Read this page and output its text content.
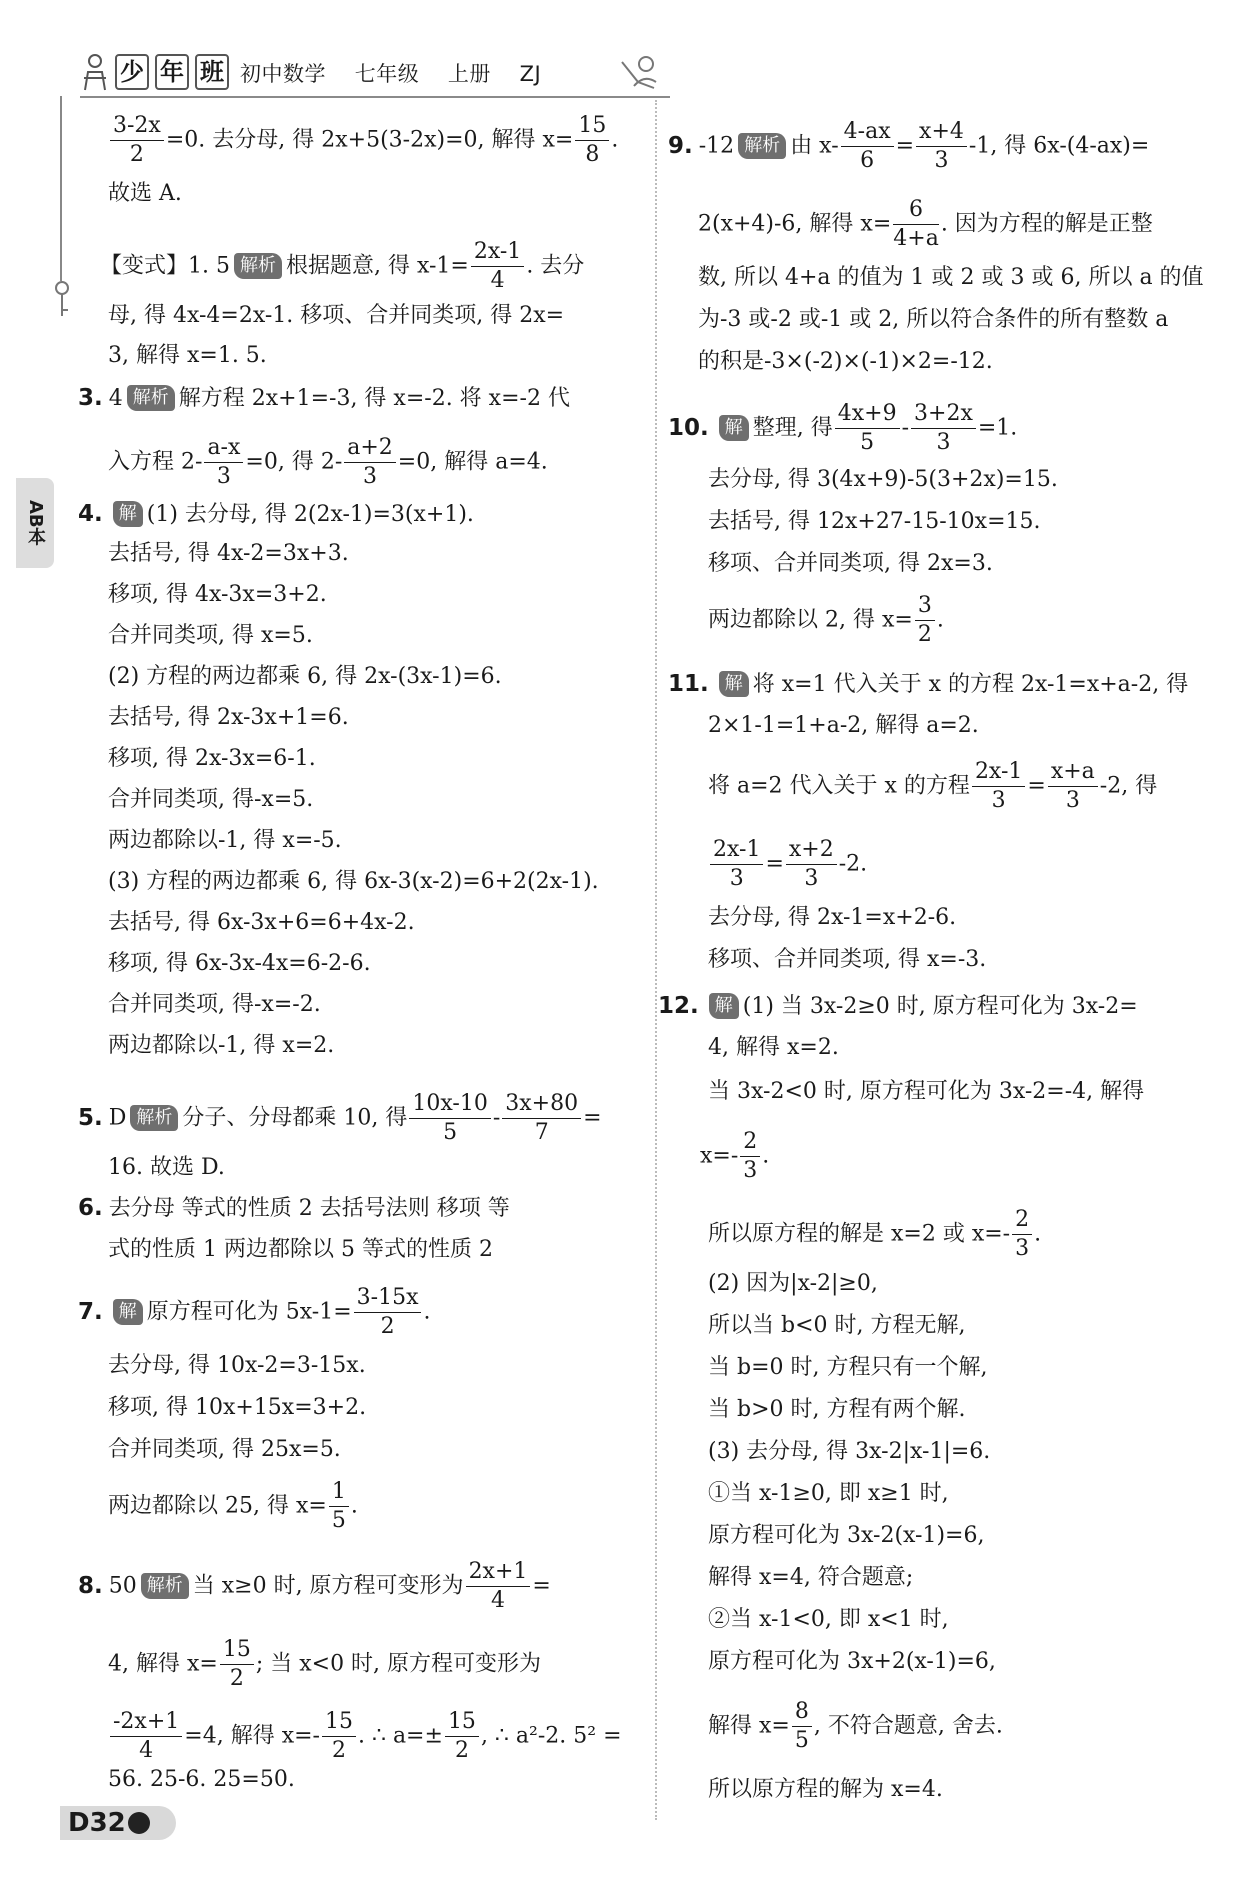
少 年 班 初中数学 七年级 上册 ZJ
AB本
$\frac{3-2x}{2} =0$. 去分母, 得 2x+5(3-2x)=0, 解得 $x= \frac{15}{8}$ .
故选 A.
【变式】1. 5 解析 根据题意, 得 $x-1= \frac{2x-1}{4}$ . 去分
母, 得 4x-4=2x-1. 移项、合并同类项, 得 2x=
3, 解得 x=1. 5.
3. 4 解析 解方程 2x+1=-3, 得 x=-2. 将 x=-2 代
入方程 $2- \frac{a-x}{3} =0$, 得 $2- \frac{a+2}{3} =0$, 解得 a=4.
4. 解 (1) 去分母, 得 2(2x-1)=3(x+1).
去括号, 得 4x-2=3x+3.
移项, 得 4x-3x=3+2.
合并同类项, 得 x=5.
(2) 方程的两边都乘 6, 得 2x-(3x-1)=6.
去括号, 得 2x-3x+1=6.
移项, 得 2x-3x=6-1.
合并同类项, 得-x=5.
两边都除以-1, 得 x=-5.
(3) 方程的两边都乘 6, 得 6x-3(x-2)=6+2(2x-1).
去括号, 得 6x-3x+6=6+4x-2.
移项, 得 6x-3x-4x=6-2-6.
合并同类项, 得-x=-2.
两边都除以-1, 得 x=2.
5. D 解析 分子、分母都乘 10, 得 $\frac{10x-10}{5} - \frac{3x+80}{7}$ =
16. 故选 D.
6. 去分母 等式的性质 2 去括号法则 移项 等
式的性质 1 两边都除以 5 等式的性质 2
7. 解 原方程可化为 $5x-1= \frac{3-15x}{2}$ .
去分母, 得 10x-2=3-15x.
移项, 得 10x+15x=3+2.
合并同类项, 得 25x=5.
两边都除以 25, 得 $x= \frac{1}{5}$ .
8. 50 解析 当 x≥0 时, 原方程可变形为 $\frac{2x+1}{4}$ =
4, 解得 $x= \frac{15}{2}$ ; 当 x<0 时, 原方程可变形为
$\frac{-2x+1}{4} =4$, 解得 $x=- \frac{15}{2}$ . ∴ $a=\pm \frac{15}{2}$ , ∴ a²-2. 5² =
56. 25-6. 25=50.
9. -12 解析 由 $x- \frac{4-ax}{6} = \frac{x+4}{3} -1$, 得 6x-(4-ax)=
2(x+4)-6, 解得 $x= \frac{6}{4+a}$ . 因为方程的解是正整
数, 所以 4+a 的值为 1 或 2 或 3 或 6, 所以 a 的值
为-3 或-2 或-1 或 2, 所以符合条件的所有整数 a
的积是-3×(-2)×(-1)×2=-12.
10. 解 整理, 得 $\frac{4x+9}{5} - \frac{3+2x}{3} =1$.
去分母, 得 3(4x+9)-5(3+2x)=15.
去括号, 得 12x+27-15-10x=15.
移项、合并同类项, 得 2x=3.
两边都除以 2, 得 $x= \frac{3}{2}$ .
11. 解 将 x=1 代入关于 x 的方程 2x-1=x+a-2, 得
2×1-1=1+a-2, 解得 a=2.
将 a=2 代入关于 x 的方程 $\frac{2x-1}{3} = \frac{x+a}{3} -2$, 得
$\frac{2x-1}{3} = \frac{x+2}{3} -2$.
去分母, 得 2x-1=x+2-6.
移项、合并同类项, 得 x=-3.
12. 解 (1) 当 3x-2≥0 时, 原方程可化为 3x-2=
4, 解得 x=2.
当 3x-2<0 时, 原方程可化为 3x-2=-4, 解得
$x=- \frac{2}{3}$ .
所以原方程的解是 x=2 或 $x=- \frac{2}{3}$ .
(2) 因为|x-2|≥0,
所以当 b<0 时, 方程无解,
当 b=0 时, 方程只有一个解,
当 b>0 时, 方程有两个解.
(3) 去分母, 得 3x-2|x-1|=6.
①当 x-1≥0, 即 x≥1 时,
原方程可化为 3x-2(x-1)=6,
解得 x=4, 符合题意;
②当 x-1<0, 即 x<1 时,
原方程可化为 3x+2(x-1)=6,
解得 $x= \frac{8}{5}$ , 不符合题意, 舍去.
所以原方程的解为 x=4.
D32
